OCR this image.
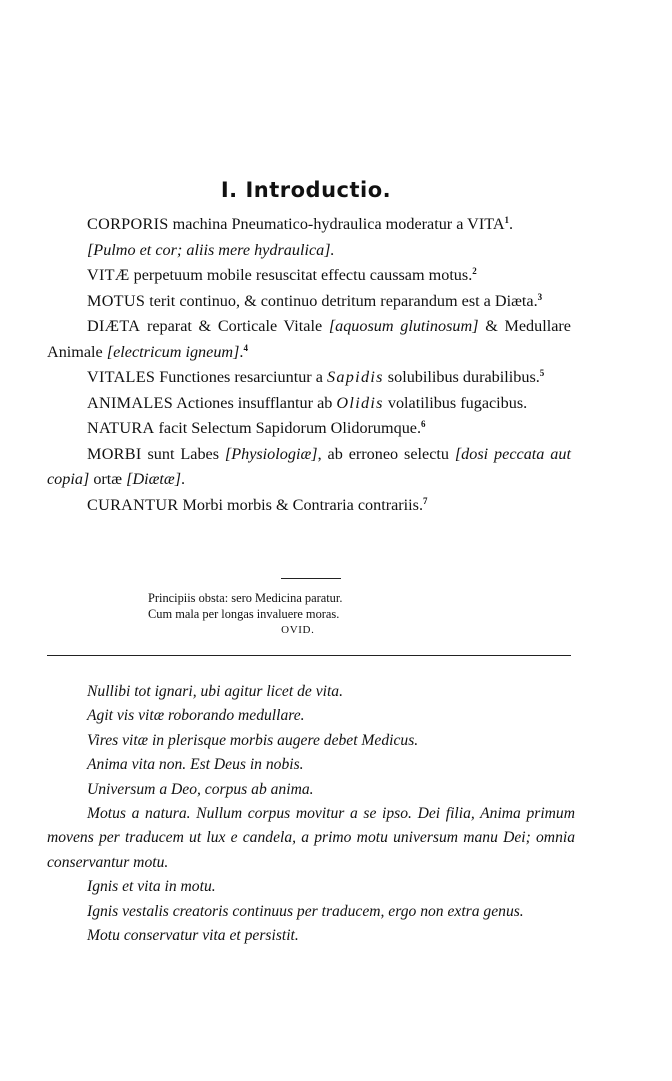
I. Introductio.

CORPORIS machina Pneumatico-hydraulica moderatur a VITA$^1$.

[Pulmo et cor; aliis mere hydraulica].

VITÆ perpetuum mobile resuscitat effectu caussam motus.$^2$

MOTUS terit continuo, & continuo detritum reparandum est a Diæta.$^3$

DIÆTA reparat & Corticale Vitale [aquosum glutinosum] & Medullare Animale [electricum igneum].$^4$

VITALES Functiones resarciuntur a Sapidis solubilibus durabilibus.$^5$

ANIMALES Actiones insufflantur ab Olidis volatilibus fugacibus.

NATURA facit Selectum Sapidorum Olidorumque.$^6$

MORBI sunt Labes [Physiologiæ], ab erroneo selectu [dosi peccata aut copia] ortæ [Diætæ].

CURANTUR Morbi morbis & Contraria contrariis.$^7$

Principiis obsta: sero Medicina paratur.
Cum mala per longas invaluere moras.
OVID.

Nullibi tot ignari, ubi agitur licet de vita.

Agit vis vitæ roborando medullare.

Vires vitæ in plerisque morbis augere debet Medicus.

Anima vita non. Est Deus in nobis.

Universum a Deo, corpus ab anima.

Motus a natura. Nullum corpus movitur a se ipso. Dei filia, Anima primum movens per traducem ut lux e candela, a primo motu universum manu Dei; omnia conservantur motu.

Ignis et vita in motu.

Ignis vestalis creatoris continuus per traducem, ergo non extra genus.

Motu conservatur vita et persistit.
